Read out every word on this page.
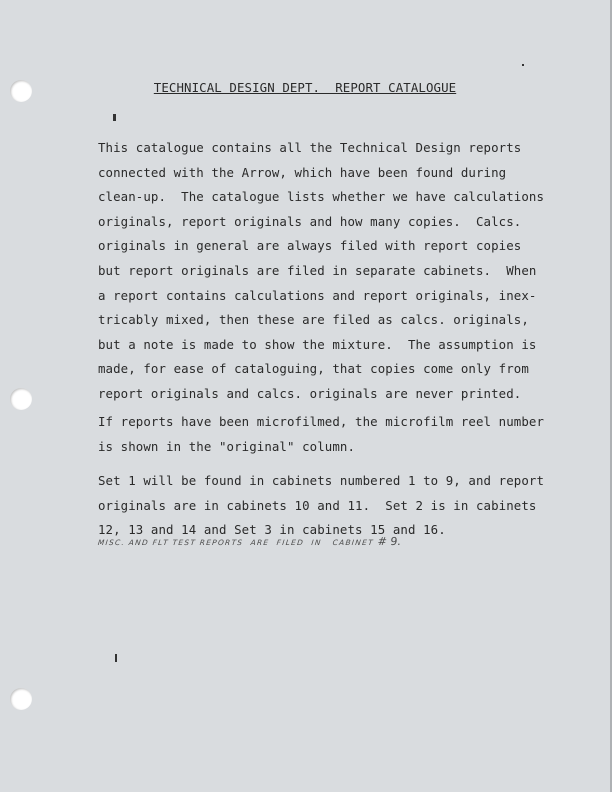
TECHNICAL DESIGN DEPT.  REPORT CATALOGUE

This catalogue contains all the Technical Design reports
connected with the Arrow, which have been found during
clean-up.  The catalogue lists whether we have calculations
originals, report originals and how many copies.  Calcs.
originals in general are always filed with report copies
but report originals are filed in separate cabinets.  When
a report contains calculations and report originals, inex-
tricably mixed, then these are filed as calcs. originals,
but a note is made to show the mixture.  The assumption is
made, for ease of cataloguing, that copies come only from
report originals and calcs. originals are never printed.

If reports have been microfilmed, the microfilm reel number
is shown in the "original" column.

Set 1 will be found in cabinets numbered 1 to 9, and report
originals are in cabinets 10 and 11.  Set 2 is in cabinets
12, 13 and 14 and Set 3 in cabinets 15 and 16.

MISC. AND FLT TEST REPORTS  ARE  FILED  IN   CABINET # 9.
